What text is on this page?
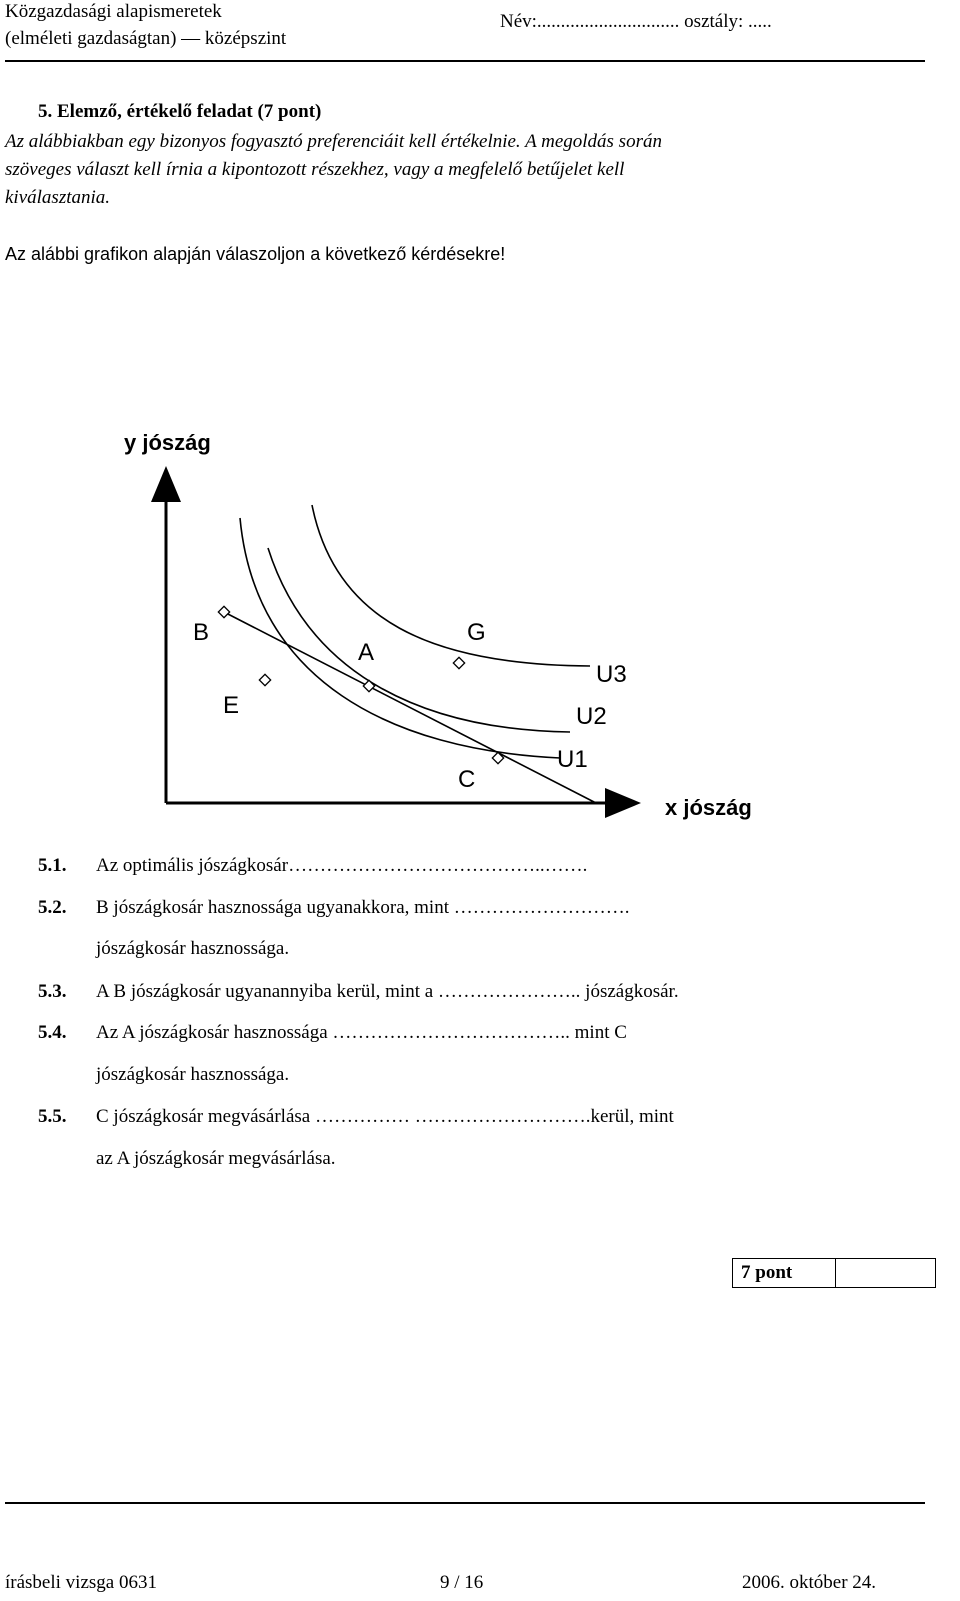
Közgazdasági alapismeretek
(elméleti gazdaságtan) — középszint
Név:.............................. osztály: .....
5. Elemző, értékelő feladat (7 pont)
Az alábbiakban egy bizonyos fogyasztó preferenciáit kell értékelnie. A megoldás során
szöveges választ kell írnia a kipontozott részekhez, vagy a megfelelő betűjelet kell
kiválasztania.
Az alábbi grafikon alapján válaszoljon a következő kérdésekre!
y jószág
x jószág
B
E
A
G
C
U3
U2
U1
5.1. Az optimális jószágkosár…………………………………..…….
5.2. B jószágkosár hasznossága ugyanakkora, mint ……………………….
jószágkosár hasznossága.
5.3. A B jószágkosár ugyanannyiba kerül, mint a ………………….. jószágkosár.
5.4. Az A jószágkosár hasznossága ……………………………….. mint C
jószágkosár hasznossága.
5.5. C jószágkosár megvásárlása …………… ……………………….kerül, mint
az A jószágkosár megvásárlása.
7 pont
írásbeli vizsga 0631	9 / 16	2006. október 24.
